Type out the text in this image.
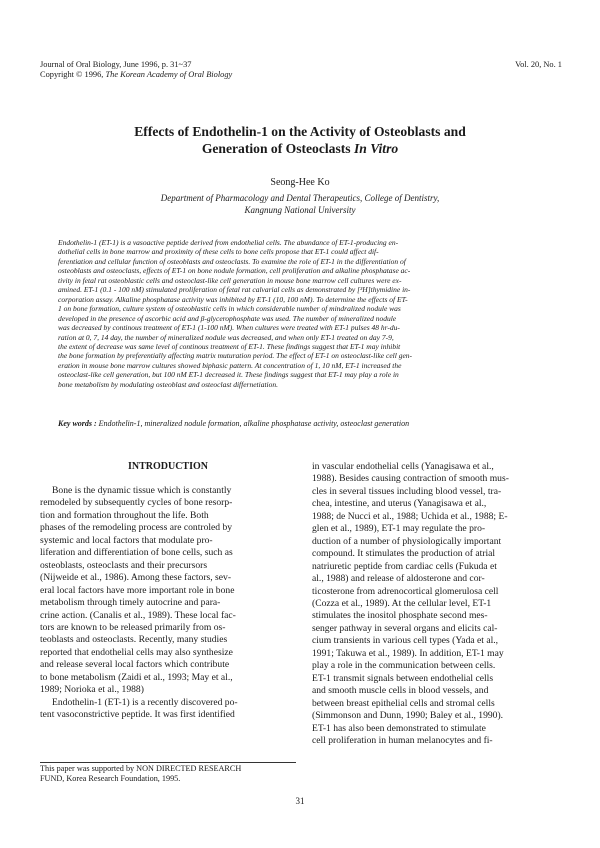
Journal of Oral Biology, June 1996, p. 31~37
Copyright © 1996, The Korean Academy of Oral Biology
Vol. 20, No. 1
Effects of Endothelin-1 on the Activity of Osteoblasts and
Generation of Osteoclasts In Vitro
Seong-Hee Ko
Department of Pharmacology and Dental Therapeutics, College of Dentistry,
Kangnung National University
Endothelin-1 (ET-1) is a vasoactive peptide derived from endothelial cells. The abundance of ET-1-producing en-
dothelial cells in bone marrow and proximity of these cells to bone cells propose that ET-1 could affect dif-
ferentiation and cellular function of osteoblasts and osteoclasts. To examine the role of ET-1 in the differentiation of
osteoblasts and osteoclasts, effects of ET-1 on bone nodule formation, cell proliferation and alkaline phosphatase ac-
tivity in fetal rat osteoblastic cells and osteoclast-like cell generation in mouse bone marrow cell cultures were ex-
amined. ET-1 (0.1 - 100 nM) stimulated proliferation of fetal rat calvarial cells as demonstrated by [³H]thymidine in-
corporation assay. Alkaline phosphatase activity was inhibited by ET-1 (10, 100 nM). To determine the effects of ET-
1 on bone formation, culture system of osteoblastic cells in which considerable number of mindralized nodule was
developed in the presence of ascorbic acid and β-glycerophosphate was used. The number of mineralized nodule
was decreased by continous treatment of ET-1 (1-100 nM). When cultures were treated with ET-1 pulses 48 hr-du-
ration at 0, 7, 14 day, the number of mineralized nodule was decreased, and when only ET-1 treated on day 7-9,
the extent of decrease was same level of continous treatment of ET-1. These findings suggest that ET-1 may inhibit
the bone formation by preferentially affecting matrix muturation period. The effect of ET-1 on osteoclast-like cell gen-
eration in mouse bone marrow cultures showed biphasic pattern. At concentration of 1, 10 nM, ET-1 increased the
osteoclast-like cell generation, but 100 nM ET-1 decreased it. These findings suggest that ET-1 may play a role in
bone metabolism by modulating osteoblast and osteoclast differnetiation.
Key words : Endothelin-1, mineralized nodule formation, alkaline phosphatase activity, osteoclast generation
INTRODUCTION
Bone is the dynamic tissue which is constantly
remodeled by subsequently cycles of bone resorp-
tion and formation throughout the life. Both
phases of the remodeling process are controled by
systemic and local factors that modulate pro-
liferation and differentiation of bone cells, such as
osteoblasts, osteoclasts and their precursors
(Nijweide et al., 1986). Among these factors, sev-
eral local factors have more important role in bone
metabolism through timely autocrine and para-
crine action. (Canalis et al., 1989). These local fac-
tors are known to be released primarily from os-
teoblasts and osteoclasts. Recently, many studies
reported that endothelial cells may also synthesize
and release several local factors which contribute
to bone metabolism (Zaidi et al., 1993; May et al.,
1989; Norioka et al., 1988)
Endothelin-1 (ET-1) is a recently discovered po-
tent vasoconstrictive peptide. It was first identified
in vascular endothelial cells (Yanagisawa et al.,
1988). Besides causing contraction of smooth mus-
cles in several tissues including blood vessel, tra-
chea, intestine, and uterus (Yanagisawa et al.,
1988; de Nucci et al., 1988; Uchida et al., 1988; E-
glen et al., 1989), ET-1 may regulate the pro-
duction of a number of physiologically important
compound. It stimulates the production of atrial
natriuretic peptide from cardiac cells (Fukuda et
al., 1988) and release of aldosterone and cor-
ticosterone from adrenocortical glomerulosa cell
(Cozza et al., 1989). At the cellular level, ET-1
stimulates the inositol phosphate second mes-
senger pathway in several organs and elicits cal-
cium transients in various cell types (Yada et al.,
1991; Takuwa et al., 1989). In addition, ET-1 may
play a role in the communication between cells.
ET-1 transmit signals between endothelial cells
and smooth muscle cells in blood vessels, and
between breast epithelial cells and stromal cells
(Simmonson and Dunn, 1990; Baley et al., 1990).
ET-1 has also been demonstrated to stimulate
cell proliferation in human melanocytes and fi-
This paper was supported by NON DIRECTED RESEARCH
FUND, Korea Research Foundation, 1995.
31
